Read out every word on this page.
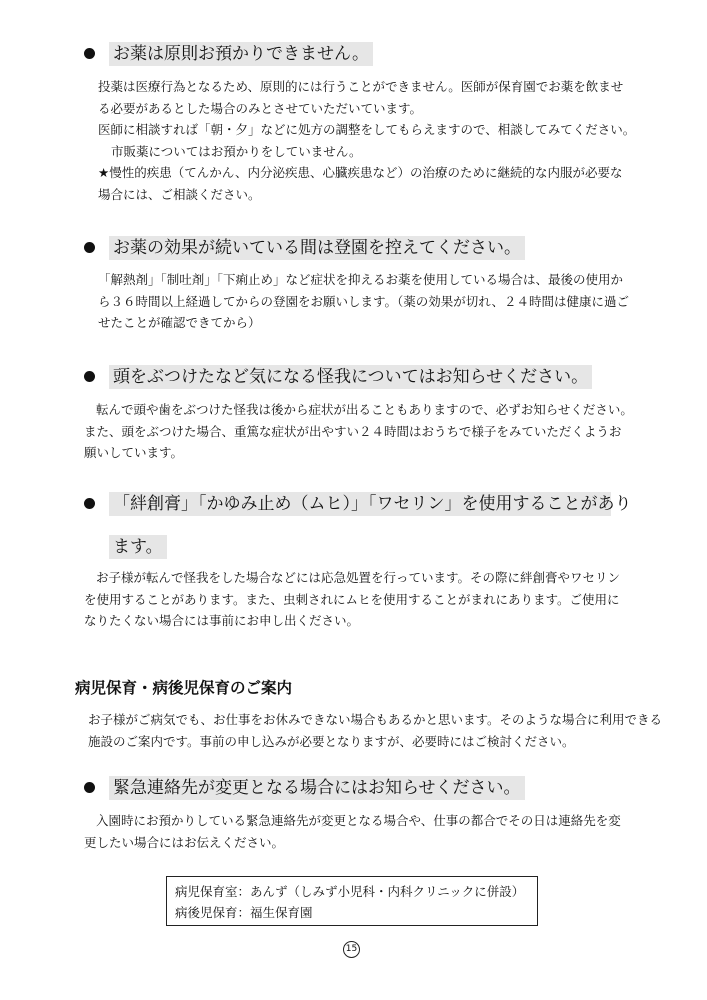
お薬は原則お預かりできません。
投薬は医療行為となるため、原則的には行うことができません。医師が保育園でお薬を飲ませ
る必要があるとした場合のみとさせていただいています。
医師に相談すれば「朝・夕」などに処方の調整をしてもらえますので、相談してみてください。
市販薬についてはお預かりをしていません。
★慢性的疾患（てんかん、内分泌疾患、心臓疾患など）の治療のために継続的な内服が必要な
場合には、ご相談ください。
お薬の効果が続いている間は登園を控えてください。
「解熱剤」「制吐剤」「下痢止め」など症状を抑えるお薬を使用している場合は、最後の使用か
ら３６時間以上経過してからの登園をお願いします。（薬の効果が切れ、２４時間は健康に過ご
せたことが確認できてから）
頭をぶつけたなど気になる怪我についてはお知らせください。
転んで頭や歯をぶつけた怪我は後から症状が出ることもありますので、必ずお知らせください。
また、頭をぶつけた場合、重篤な症状が出やすい２４時間はおうちで様子をみていただくようお
願いしています。
「絆創膏」「かゆみ止め（ムヒ）」「ワセリン」を使用することがあり
ます。
お子様が転んで怪我をした場合などには応急処置を行っています。その際に絆創膏やワセリン
を使用することがあります。また、虫刺されにムヒを使用することがまれにあります。ご使用に
なりたくない場合には事前にお申し出ください。
病児保育・病後児保育のご案内
お子様がご病気でも、お仕事をお休みできない場合もあるかと思います。そのような場合に利用できる
施設のご案内です。事前の申し込みが必要となりますが、必要時にはご検討ください。
緊急連絡先が変更となる場合にはお知らせください。
入園時にお預かりしている緊急連絡先が変更となる場合や、仕事の都合でその日は連絡先を変
更したい場合にはお伝えください。
病児保育室：あんず（しみず小児科・内科クリニックに併設）
病後児保育：福生保育園
15
